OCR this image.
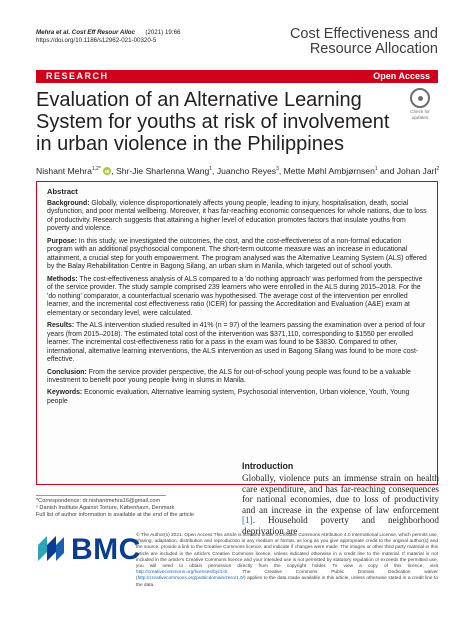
Mehra et al. Cost Eff Resour Alloc (2021) 19:66
https://doi.org/10.1186/s12962-021-00320-5	Cost Effectiveness and
Resource Allocation
RESEARCH	Open Access
Evaluation of an Alternative Learning System for youths at risk of involvement in urban violence in the Philippines
Check for
updates
Nishant Mehra$^{1,2*}$ , Shr-Jie Sharlenna Wang$^1$, Juancho Reyes$^3$, Mette Møhl Ambjørnsen$^1$ and Johan Jarl$^2$
Abstract

Background: Globally, violence disproportionately affects young people, leading to injury, hospitalisation, death, social dysfunction, and poor mental wellbeing. Moreover, it has far-reaching economic consequences for whole nations, due to loss of productivity. Research suggests that attaining a higher level of education promotes factors that insulate youths from poverty and violence.

Purpose: In this study, we investigated the outcomes, the cost, and the cost-effectiveness of a non-formal education program with an additional psychosocial component. The short-term outcome measure was an increase in educational attainment, a crucial step for youth empowerment. The program analysed was the Alternative Learning System (ALS) offered by the Balay Rehabilitation Centre in Bagong Silang, an urban slum in Manila, which targeted out of school youth.

Methods: The cost-effectiveness analysis of ALS compared to a 'do nothing approach' was performed from the perspective of the service provider. The study sample comprised 239 learners who were enrolled in the ALS during 2015–2018. For the 'do nothing' comparator, a counterfactual scenario was hypothesised. The average cost of the intervention per enrolled learner, and the incremental cost effectiveness ratio (ICER) for passing the Accreditation and Evaluation (A&E) exam at elementary or secondary level, were calculated.

Results: The ALS intervention studied resulted in 41% (n = 97) of the learners passing the examination over a period of four years (from 2015–2018). The estimated total cost of the intervention was $371,110, corresponding to $1550 per enrolled learner. The incremental cost-effectiveness ratio for a pass in the exam was found to be $3830. Compared to other, international, alternative learning interventions, the ALS intervention as used in Bagong Silang was found to be more cost-effective.

Conclusion: From the service provider perspective, the ALS for out-of-school young people was found to be a valuable investment to benefit poor young people living in slums in Manila.

Keywords: Economic evaluation, Alternative learning system, Psychosocial intervention, Urban violence, Youth, Young people

Introduction
Globally, violence puts an immense strain on health care expenditure, and has far-reaching consequences for national economies, due to loss of productivity and an increase in the expense of law enforcement [1]. Household poverty and neighborhood deprivation are
*Correspondence: dr.nishantmehra16@gmail.com
¹ Danish Institute Against Torture, København, Denmark
Full list of author information is available at the end of the article
BMC
© The Author(s) 2021. Open Access This article is licensed under a Creative Commons Attribution 4.0 International License, which permits use, sharing, adaptation, distribution and reproduction in any medium or format, as long as you give appropriate credit to the original author(s) and the source, provide a link to the Creative Commons licence, and indicate if changes were made. The images or other third party material in this article are included in the article's Creative Commons licence, unless indicated otherwise in a credit line to the material. If material is not included in the article's Creative Commons licence and your intended use is not permitted by statutory regulation or exceeds the permitted use, you will need to obtain permission directly from the copyright holder. To view a copy of this licence, visit http://creativecommons.org/licenses/by/4.0/. The Creative Commons Public Domain Dedication waiver (http://creativecommons.org/publicdomain/zero/1.0/) applies to the data made available in this article, unless otherwise stated in a credit line to the data.
